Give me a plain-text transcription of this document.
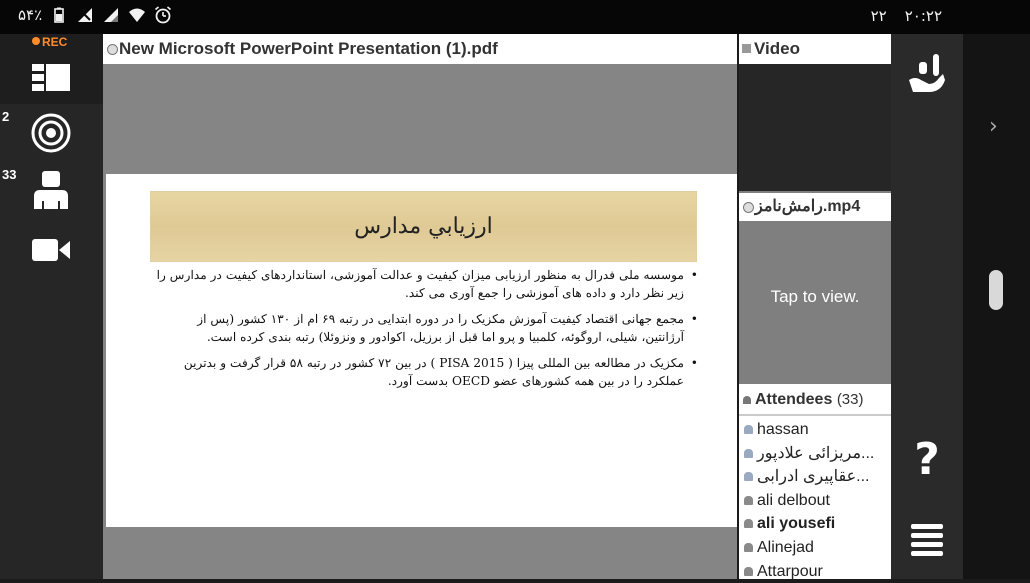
۵۴٪	۲۲ ۲۰:۲۲
REC
2
33
New Microsoft PowerPoint Presentation (1).pdf
ارزيابي مدارس

• موسسه ملی فدرال به منظور ارزیابی میزان کیفیت و عدالت آموزشی، استانداردهای کیفیت در مدارس را زیر نظر دارد و داده های آموزشی را جمع آوری می کند.

• مجمع جهانی اقتصاد کیفیت آموزش مکزیک را در دوره ابتدایی در رتبه ۶۹ ام از ۱۳۰ کشور (پس از آرژانتین، شیلی، اروگوئه، کلمبیا و پرو اما قبل از برزیل، اکوادور و ونزوئلا) رتبه بندی کرده است.

• مکزیک در مطالعه بین المللی پیزا ( PISA 2015 ) در بین ۷۲ کشور در رتبه ۵۸ قرار گرفت و بدترین عملکرد را در بین همه کشورهای عضو OECD بدست آورد.

Video
رامش‌نامز.mp4
Tap to view.
Attendees (33)
hassan
...مریزائی علادپور
...عقاپیری ادرابی
ali delbout
ali yousefi
Alinejad
Attarpour
?
›
